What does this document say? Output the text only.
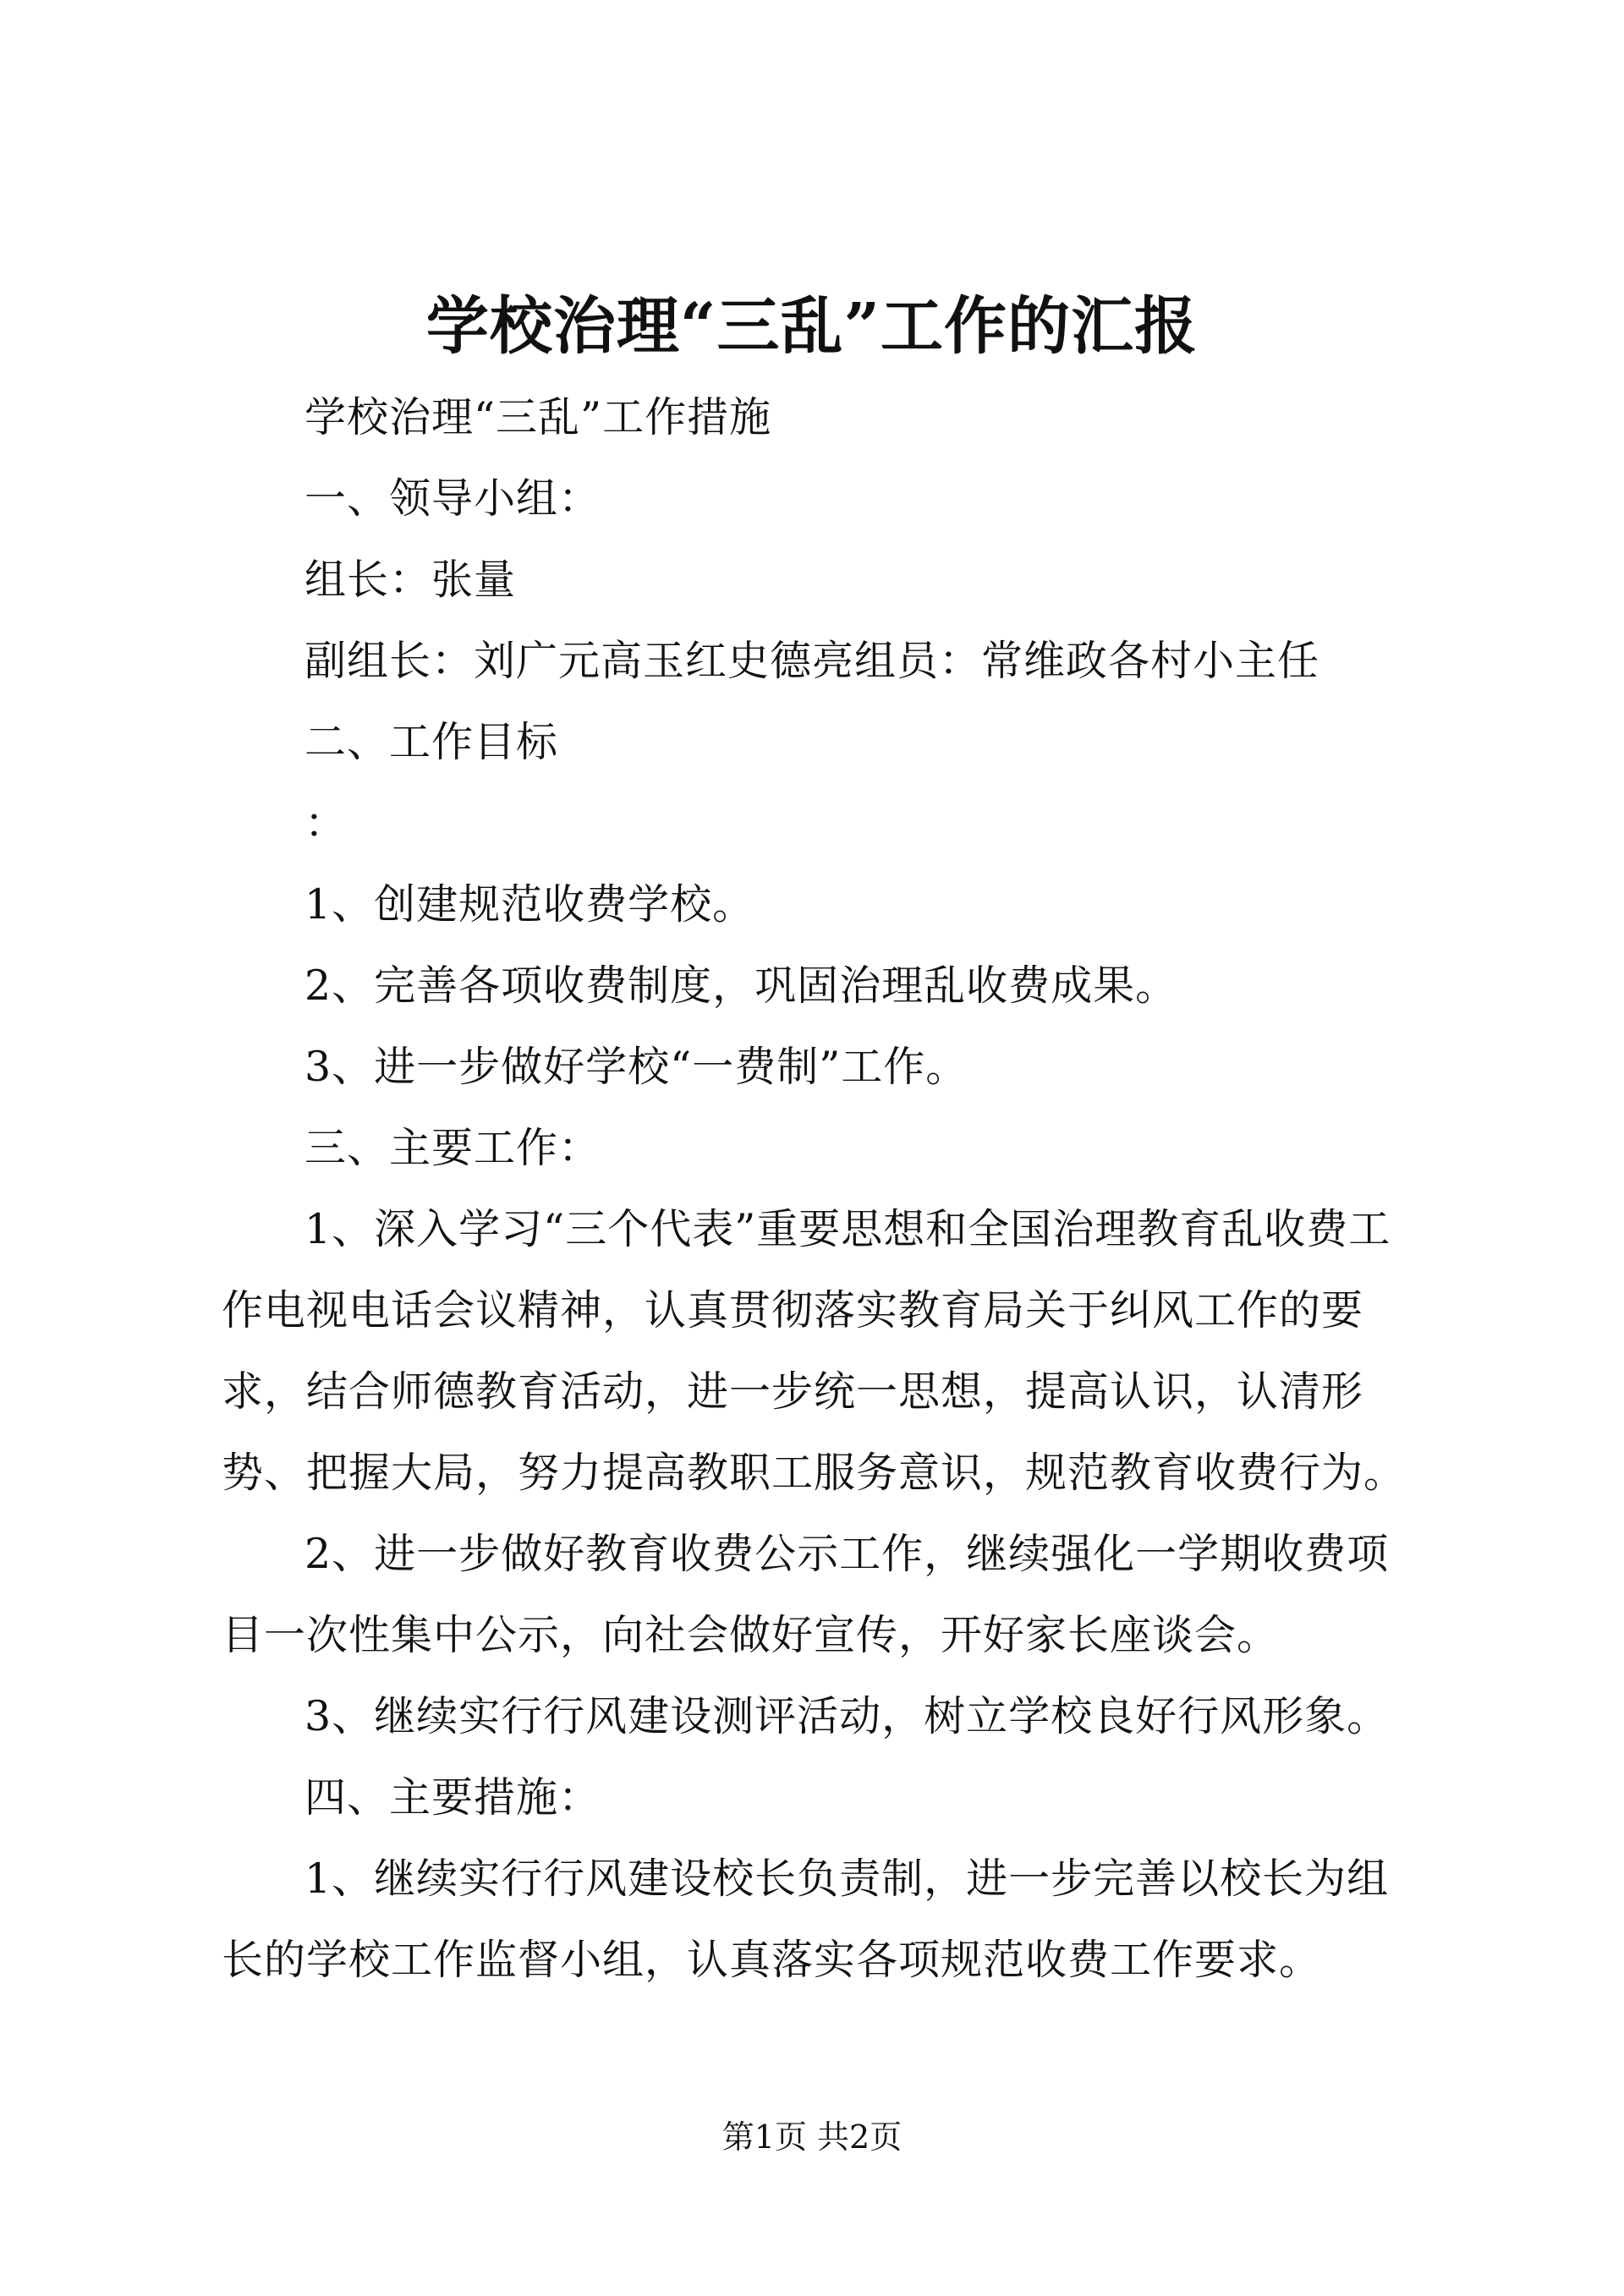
学校治理“三乱”工作的汇报

学校治理“三乱”工作措施

一、领导小组：

组长：张量

副组长：刘广元高玉红史德亮组员：常维政各村小主任

二、工作目标

：

1、创建规范收费学校。

2、完善各项收费制度，巩固治理乱收费成果。

3、进一步做好学校“一费制”工作。

三、主要工作：

1、深入学习“三个代表”重要思想和全国治理教育乱收费工作电视电话会议精神，认真贯彻落实教育局关于纠风工作的要求，结合师德教育活动，进一步统一思想，提高认识，认清形势、把握大局，努力提高教职工服务意识，规范教育收费行为。

2、进一步做好教育收费公示工作，继续强化一学期收费项目一次性集中公示，向社会做好宣传，开好家长座谈会。

3、继续实行行风建设测评活动，树立学校良好行风形象。

四、主要措施：

1、继续实行行风建设校长负责制，进一步完善以校长为组长的学校工作监督小组，认真落实各项规范收费工作要求。

第1页 共2页
